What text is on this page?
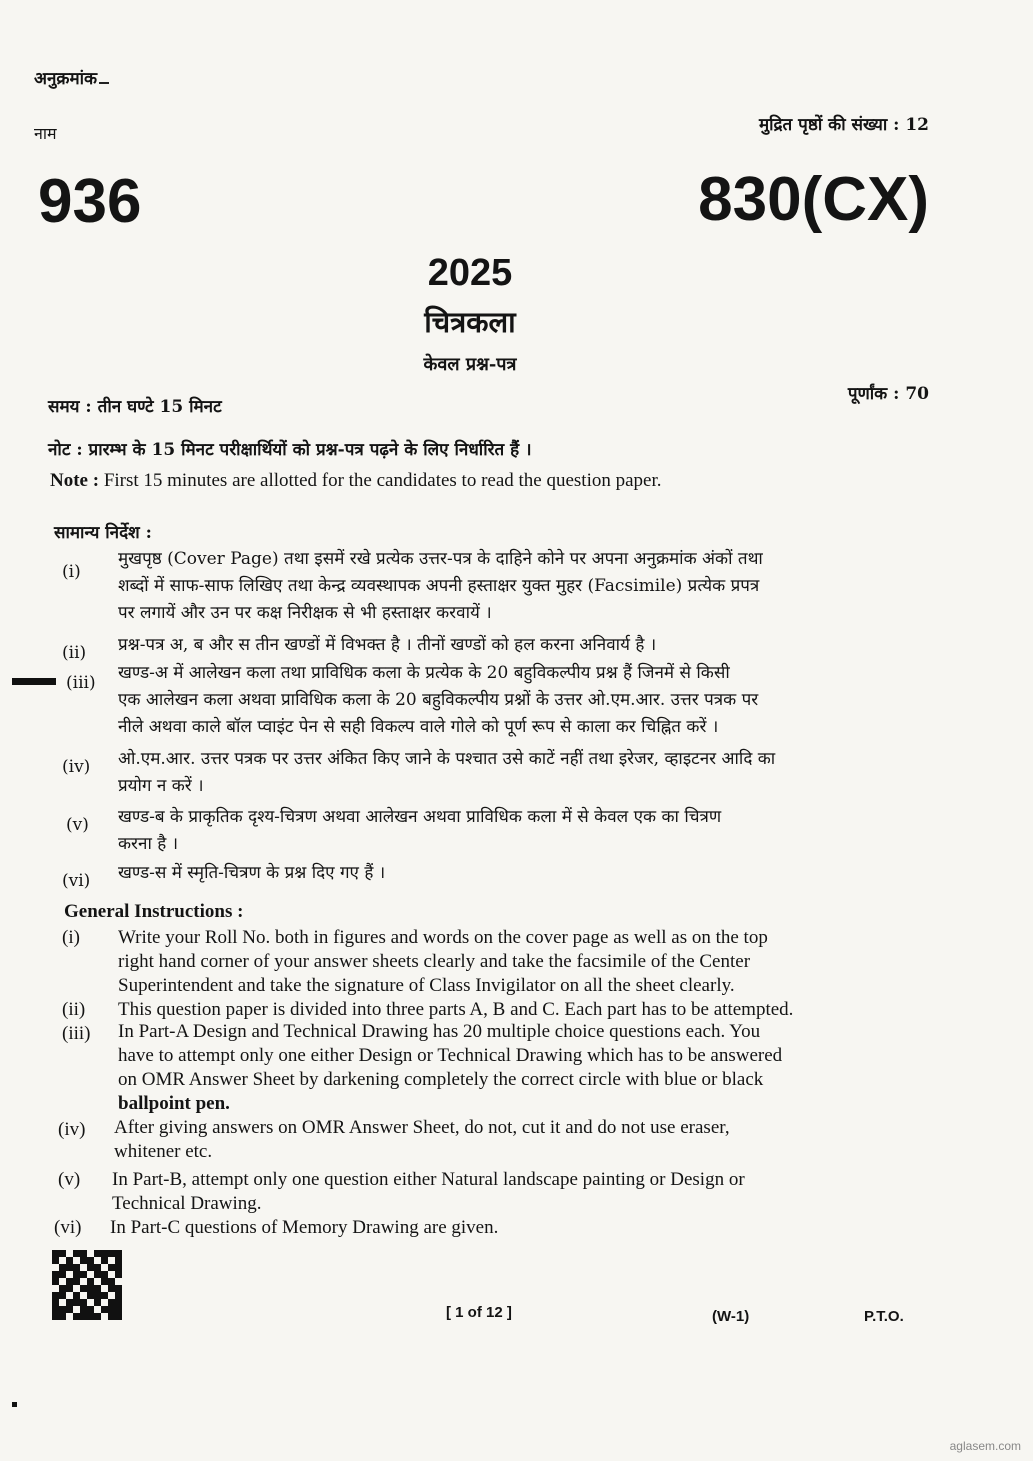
अनुक्रमांक
नाम	मुद्रित पृष्ठों की संख्या : 12
936	830(CX)
2025
चित्रकला
केवल प्रश्न-पत्र
समय : तीन घण्टे 15 मिनट
पूर्णांक : 70
नोट : प्रारम्भ के 15 मिनट परीक्षार्थियों को प्रश्न-पत्र पढ़ने के लिए निर्धारित हैं ।
Note : First 15 minutes are allotted for the candidates to read the question paper.
सामान्य निर्देश :
(i)
मुखपृष्ठ (Cover Page) तथा इसमें रखे प्रत्येक उत्तर-पत्र के दाहिने कोने पर अपना अनुक्रमांक अंकों तथा
शब्दों में साफ-साफ लिखिए तथा केन्द्र व्यवस्थापक अपनी हस्ताक्षर युक्त मुहर (Facsimile) प्रत्येक प्रपत्र
पर लगायें और उन पर कक्ष निरीक्षक से भी हस्ताक्षर करवायें ।
(ii) प्रश्न-पत्र अ, ब और स तीन खण्डों में विभक्त है । तीनों खण्डों को हल करना अनिवार्य है ।
(iii) खण्ड-अ में आलेखन कला तथा प्राविधिक कला के प्रत्येक के 20 बहुविकल्पीय प्रश्न हैं जिनमें से किसी
एक आलेखन कला अथवा प्राविधिक कला के 20 बहुविकल्पीय प्रश्नों के उत्तर ओ.एम.आर. उत्तर पत्रक पर
नीले अथवा काले बॉल प्वाइंट पेन से सही विकल्प वाले गोले को पूर्ण रूप से काला कर चिह्नित करें ।
(iv) ओ.एम.आर. उत्तर पत्रक पर उत्तर अंकित किए जाने के पश्चात उसे काटें नहीं तथा इरेजर, व्हाइटनर आदि का
प्रयोग न करें ।
(v) खण्ड-ब के प्राकृतिक दृश्य-चित्रण अथवा आलेखन अथवा प्राविधिक कला में से केवल एक का चित्रण
करना है ।
(vi) खण्ड-स में स्मृति-चित्रण के प्रश्न दिए गए हैं ।
General Instructions :
(i) Write your Roll No. both in figures and words on the cover page as well as on the top
right hand corner of your answer sheets clearly and take the facsimile of the Center
Superintendent and take the signature of Class Invigilator on all the sheet clearly.
(ii) This question paper is divided into three parts A, B and C. Each part has to be attempted.
(iii) In Part-A Design and Technical Drawing has 20 multiple choice questions each. You
have to attempt only one either Design or Technical Drawing which has to be answered
on OMR Answer Sheet by darkening completely the correct circle with blue or black
ballpoint pen.
(iv) After giving answers on OMR Answer Sheet, do not, cut it and do not use eraser,
whitener etc.
(v) In Part-B, attempt only one question either Natural landscape painting or Design or
Technical Drawing.
(vi) In Part-C questions of Memory Drawing are given.
[ 1 of 12 ]	(W-1)	P.T.O.
aglasem.com
